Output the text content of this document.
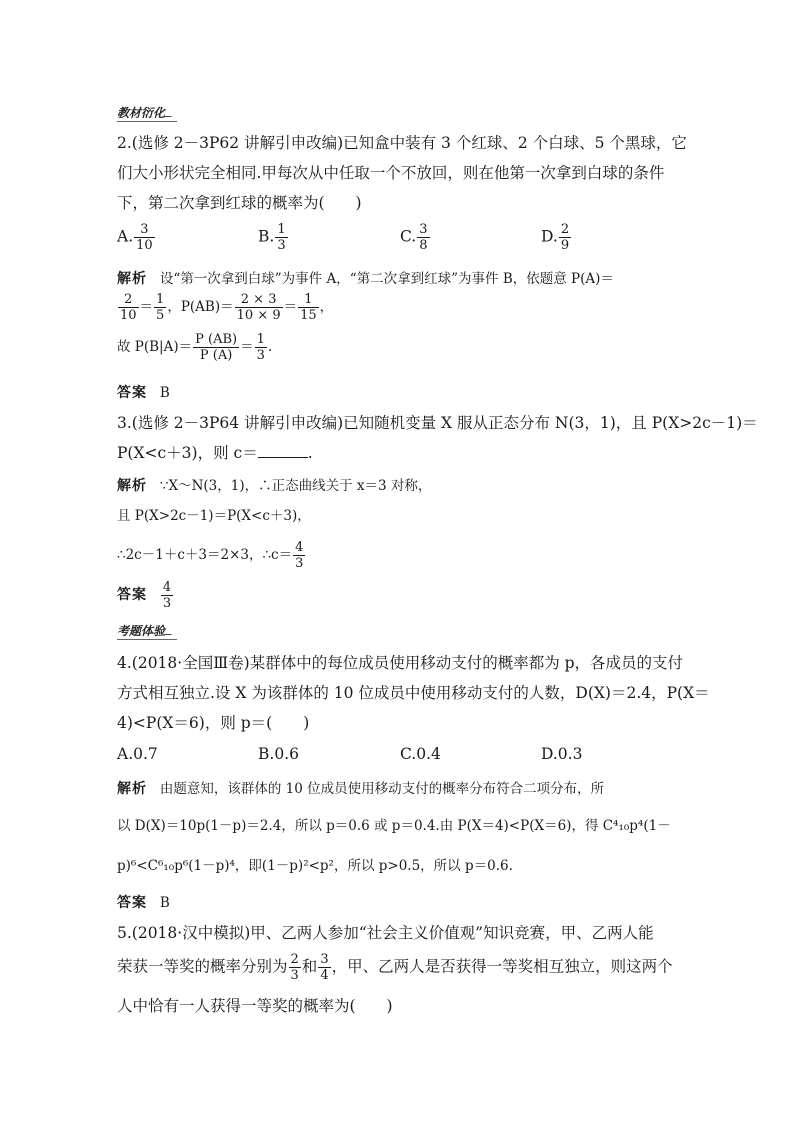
教材衍化
2.(选修 2－3P62 讲解引申改编)已知盒中装有 3 个红球、2 个白球、5 个黑球，它
们大小形状完全相同.甲每次从中任取一个不放回，则在他第一次拿到白球的条件
下，第二次拿到红球的概率为(　　)
A. $\frac{3}{10}$	B. $\frac{1}{3}$	C. $\frac{3}{8}$	D. $\frac{2}{9}$
解析 设“第一次拿到白球”为事件 A，“第二次拿到红球”为事件 B，依题意 P(A)＝
$\frac{2}{10} = \frac{1}{5}$ ，$P(AB)= \frac{2 \times 3}{10 \times 9} = \frac{1}{15}$ ，
故 $P(B|A)= \frac{P (AB)}{P (A)} = \frac{1}{3}$ .
答案 B
3.(选修 2－3P64 讲解引申改编)已知随机变量 X 服从正态分布 N(3，1)，且 P(X>2c－1)＝
P(X<c＋3)，则 c＝	.
解析 ∵X～N(3，1)，∴正态曲线关于 x＝3 对称，
且 P(X>2c－1)＝P(X<c＋3)，
∴2c－1＋c＋3＝2×3，∴c＝ $\frac{4}{3}$
答案 $\frac{4}{3}$
考题体验
4.(2018·全国Ⅲ卷)某群体中的每位成员使用移动支付的概率都为 p，各成员的支付
方式相互独立.设 X 为该群体的 10 位成员中使用移动支付的人数，D(X)＝2.4，P(X＝
4)<P(X＝6)，则 p＝(　　)
A.0.7	B.0.6	C.0.4	D.0.3
解析 由题意知，该群体的 10 位成员使用移动支付的概率分布符合二项分布，所
以 D(X)＝10p(1－p)＝2.4，所以 p＝0.6 或 p＝0.4.由 P(X＝4)<P(X＝6)，得 C⁴₁₀p⁴(1－
p)⁶<C⁶₁₀p⁶(1－p)⁴，即(1－p)²<p²，所以 p>0.5，所以 p＝0.6.
答案 B
5.(2018·汉中模拟)甲、乙两人参加“社会主义价值观”知识竞赛，甲、乙两人能
荣获一等奖的概率分别为 $\frac{2}{3}$ 和 $\frac{3}{4}$ ，甲、乙两人是否获得一等奖相互独立，则这两个
人中恰有一人获得一等奖的概率为(　　)
